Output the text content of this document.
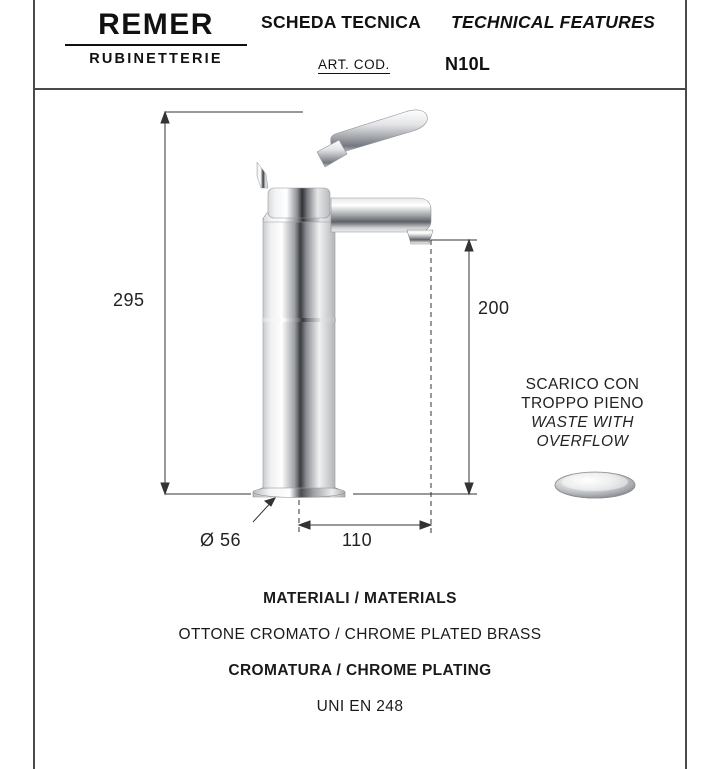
REMER
RUBINETTERIE
SCHEDA TECNICA TECHNICAL FEATURES
ART. COD.	N10L
295	200
Ø 56	110
SCARICO CON
TROPPO PIENO
WASTE WITH
OVERFLOW
MATERIALI / MATERIALS
OTTONE CROMATO / CHROME PLATED BRASS
CROMATURA / CHROME PLATING
UNI EN 248
